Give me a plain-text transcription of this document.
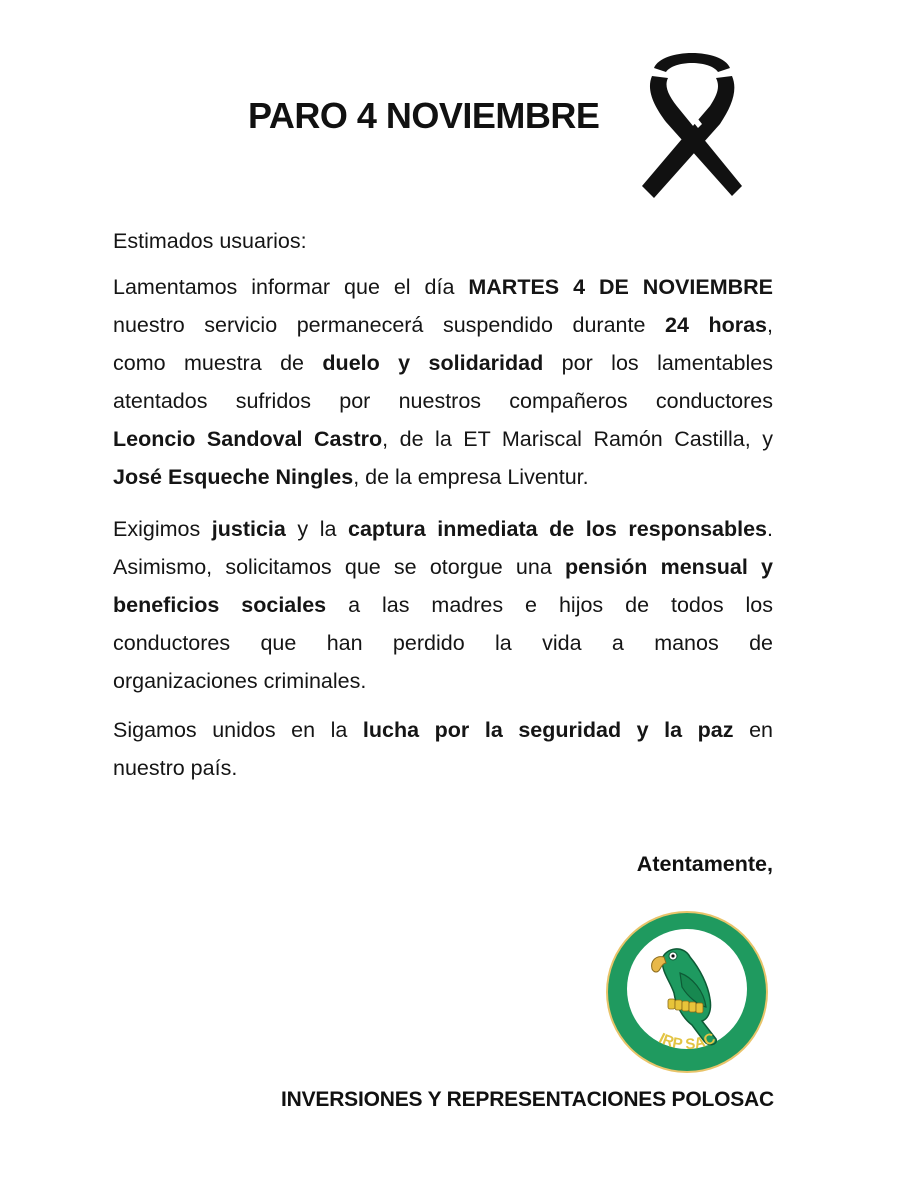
PARO 4 NOVIEMBRE
Estimados usuarios:
Lamentamos informar que el día MARTES 4 DE NOVIEMBRE
nuestro servicio permanecerá suspendido durante 24 horas,
como muestra de duelo y solidaridad por los lamentables
atentados sufridos por nuestros compañeros conductores
Leoncio Sandoval Castro, de la ET Mariscal Ramón Castilla, y
José Esqueche Ningles, de la empresa Liventur.
Exigimos justicia y la captura inmediata de los responsables.
Asimismo, solicitamos que se otorgue una pensión mensual y
beneficios sociales a las madres e hijos de todos los
conductores que han perdido la vida a manos de
organizaciones criminales.
Sigamos unidos en la lucha por la seguridad y la paz en
nuestro país.
Atentamente,
IRP SAC
INVERSIONES Y REPRESENTACIONES POLOSAC
